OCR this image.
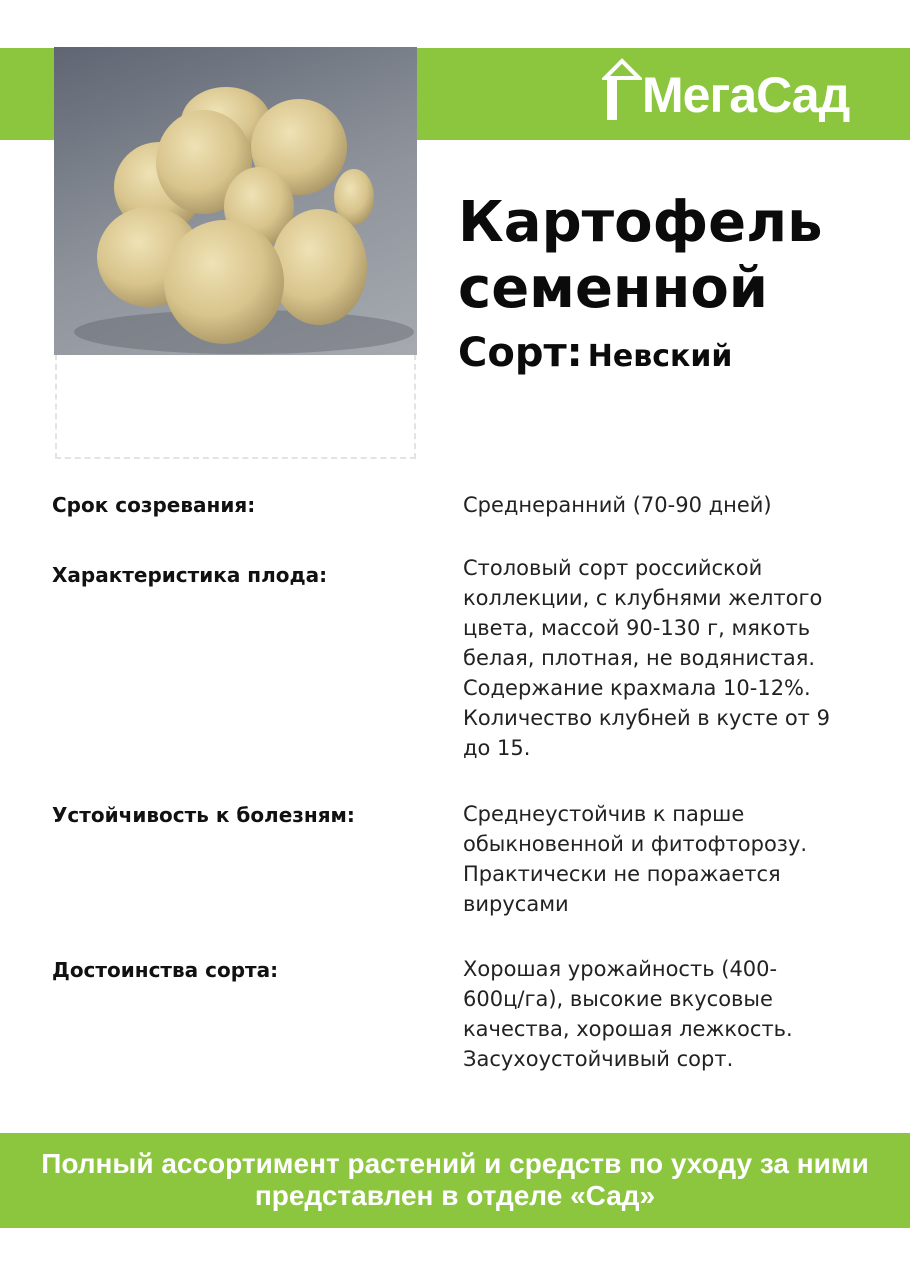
МегаСад
Картофель
семенной
Сорт: Невский
Срок созревания:	Среднеранний (70-90 дней)
Характеристика плода:	Столовый сорт российской
коллекции, с клубнями желтого
цвета, массой 90-130 г, мякоть
белая, плотная, не водянистая.
Содержание крахмала 10-12%.
Количество клубней в кусте от 9
до 15.
Устойчивость к болезням:	Среднеустойчив к парше
обыкновенной и фитофторозу.
Практически не поражается
вирусами
Достоинства сорта:	Хорошая урожайность (400-
600ц/га), высокие вкусовые
качества, хорошая лежкость.
Засухоустойчивый сорт.
Полный ассортимент растений и средств по уходу за ними
представлен в отделе «Сад»
